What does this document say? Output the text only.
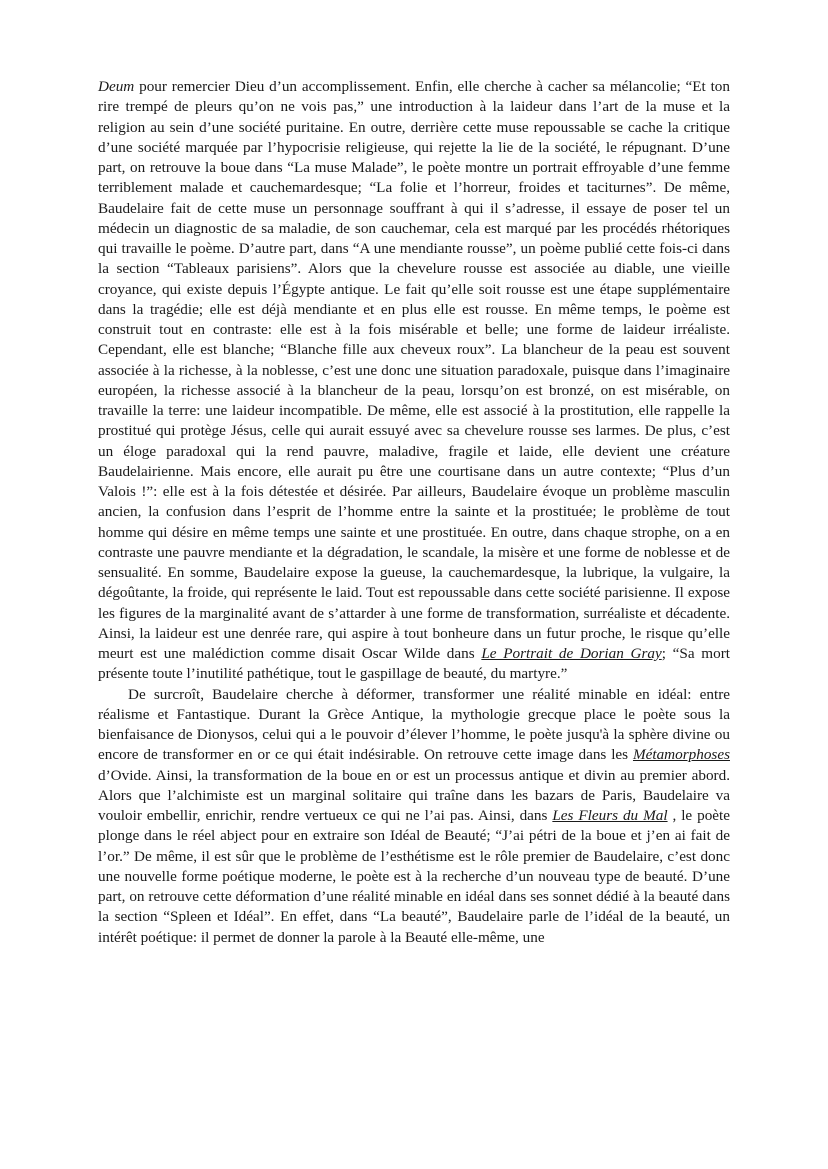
Deum pour remercier Dieu d’un accomplissement. Enfin, elle cherche à cacher sa mélancolie; “Et ton rire trempé de pleurs qu’on ne vois pas,” une introduction à la laideur dans l’art de la muse et la religion au sein d’une société puritaine. En outre, derrière cette muse repoussable se cache la critique d’une société marquée par l’hypocrisie religieuse, qui rejette la lie de la société, le répugnant. D’une part, on retrouve la boue dans “La muse Malade”, le poète montre un portrait effroyable d’une femme terriblement malade et cauchemardesque; “La folie et l’horreur, froides et taciturnes”. De même, Baudelaire fait de cette muse un personnage souffrant à qui il s’adresse, il essaye de poser tel un médecin un diagnostic de sa maladie, de son cauchemar, cela est marqué par les procédés rhétoriques qui travaille le poème. D’autre part, dans “A une mendiante rousse”, un poème publié cette fois-ci dans la section “Tableaux parisiens”. Alors que la chevelure rousse est associée au diable, une vieille croyance, qui existe depuis l’Égypte antique. Le fait qu’elle soit rousse est une étape supplémentaire dans la tragédie; elle est déjà mendiante et en plus elle est rousse. En même temps, le poème est construit tout en contraste: elle est à la fois misérable et belle; une forme de laideur irréaliste. Cependant, elle est blanche; “Blanche fille aux cheveux roux”. La blancheur de la peau est souvent associée à la richesse, à la noblesse, c’est une donc une situation paradoxale, puisque dans l’imaginaire européen, la richesse associé à la blancheur de la peau, lorsqu’on est bronzé, on est misérable, on travaille la terre: une laideur incompatible. De même, elle est associé à la prostitution, elle rappelle la prostitué qui protège Jésus, celle qui aurait essuyé avec sa chevelure rousse ses larmes. De plus, c’est un éloge paradoxal qui la rend pauvre, maladive, fragile et laide, elle devient une créature Baudelairienne. Mais encore, elle aurait pu être une courtisane dans un autre contexte; “Plus d’un Valois !”: elle est à la fois détestée et désirée. Par ailleurs, Baudelaire évoque un problème masculin ancien, la confusion dans l’esprit de l’homme entre la sainte et la prostituée; le problème de tout homme qui désire en même temps une sainte et une prostituée. En outre, dans chaque strophe, on a en contraste une pauvre mendiante et la dégradation, le scandale, la misère et une forme de noblesse et de sensualité. En somme, Baudelaire expose la gueuse, la cauchemardesque, la lubrique, la vulgaire, la dégoûtante, la froide, qui représente le laid. Tout est repoussable dans cette société parisienne. Il expose les figures de la marginalité avant de s’attarder à une forme de transformation, surréaliste et décadente. Ainsi, la laideur est une denrée rare, qui aspire à tout bonheure dans un futur proche, le risque qu’elle meurt est une malédiction comme disait Oscar Wilde dans Le Portrait de Dorian Gray; “Sa mort présente toute l’inutilité pathétique, tout le gaspillage de beauté, du martyre.”

De surcroît, Baudelaire cherche à déformer, transformer une réalité minable en idéal: entre réalisme et Fantastique. Durant la Grèce Antique, la mythologie grecque place le poète sous la bienfaisance de Dionysos, celui qui a le pouvoir d’élever l’homme, le poète jusqu'à la sphère divine ou encore de transformer en or ce qui était indésirable. On retrouve cette image dans les Métamorphoses d’Ovide. Ainsi, la transformation de la boue en or est un processus antique et divin au premier abord. Alors que l’alchimiste est un marginal solitaire qui traîne dans les bazars de Paris, Baudelaire va vouloir embellir, enrichir, rendre vertueux ce qui ne l’ai pas. Ainsi, dans Les Fleurs du Mal , le poète plonge dans le réel abject pour en extraire son Idéal de Beauté; “J’ai pétri de la boue et j’en ai fait de l’or.” De même, il est sûr que le problème de l’esthétisme est le rôle premier de Baudelaire, c’est donc une nouvelle forme poétique moderne, le poète est à la recherche d’un nouveau type de beauté. D’une part, on retrouve cette déformation d’une réalité minable en idéal dans ses sonnet dédié à la beauté dans la section “Spleen et Idéal”. En effet, dans “La beauté”, Baudelaire parle de l’idéal de la beauté, un intérêt poétique: il permet de donner la parole à la Beauté elle-même, une
